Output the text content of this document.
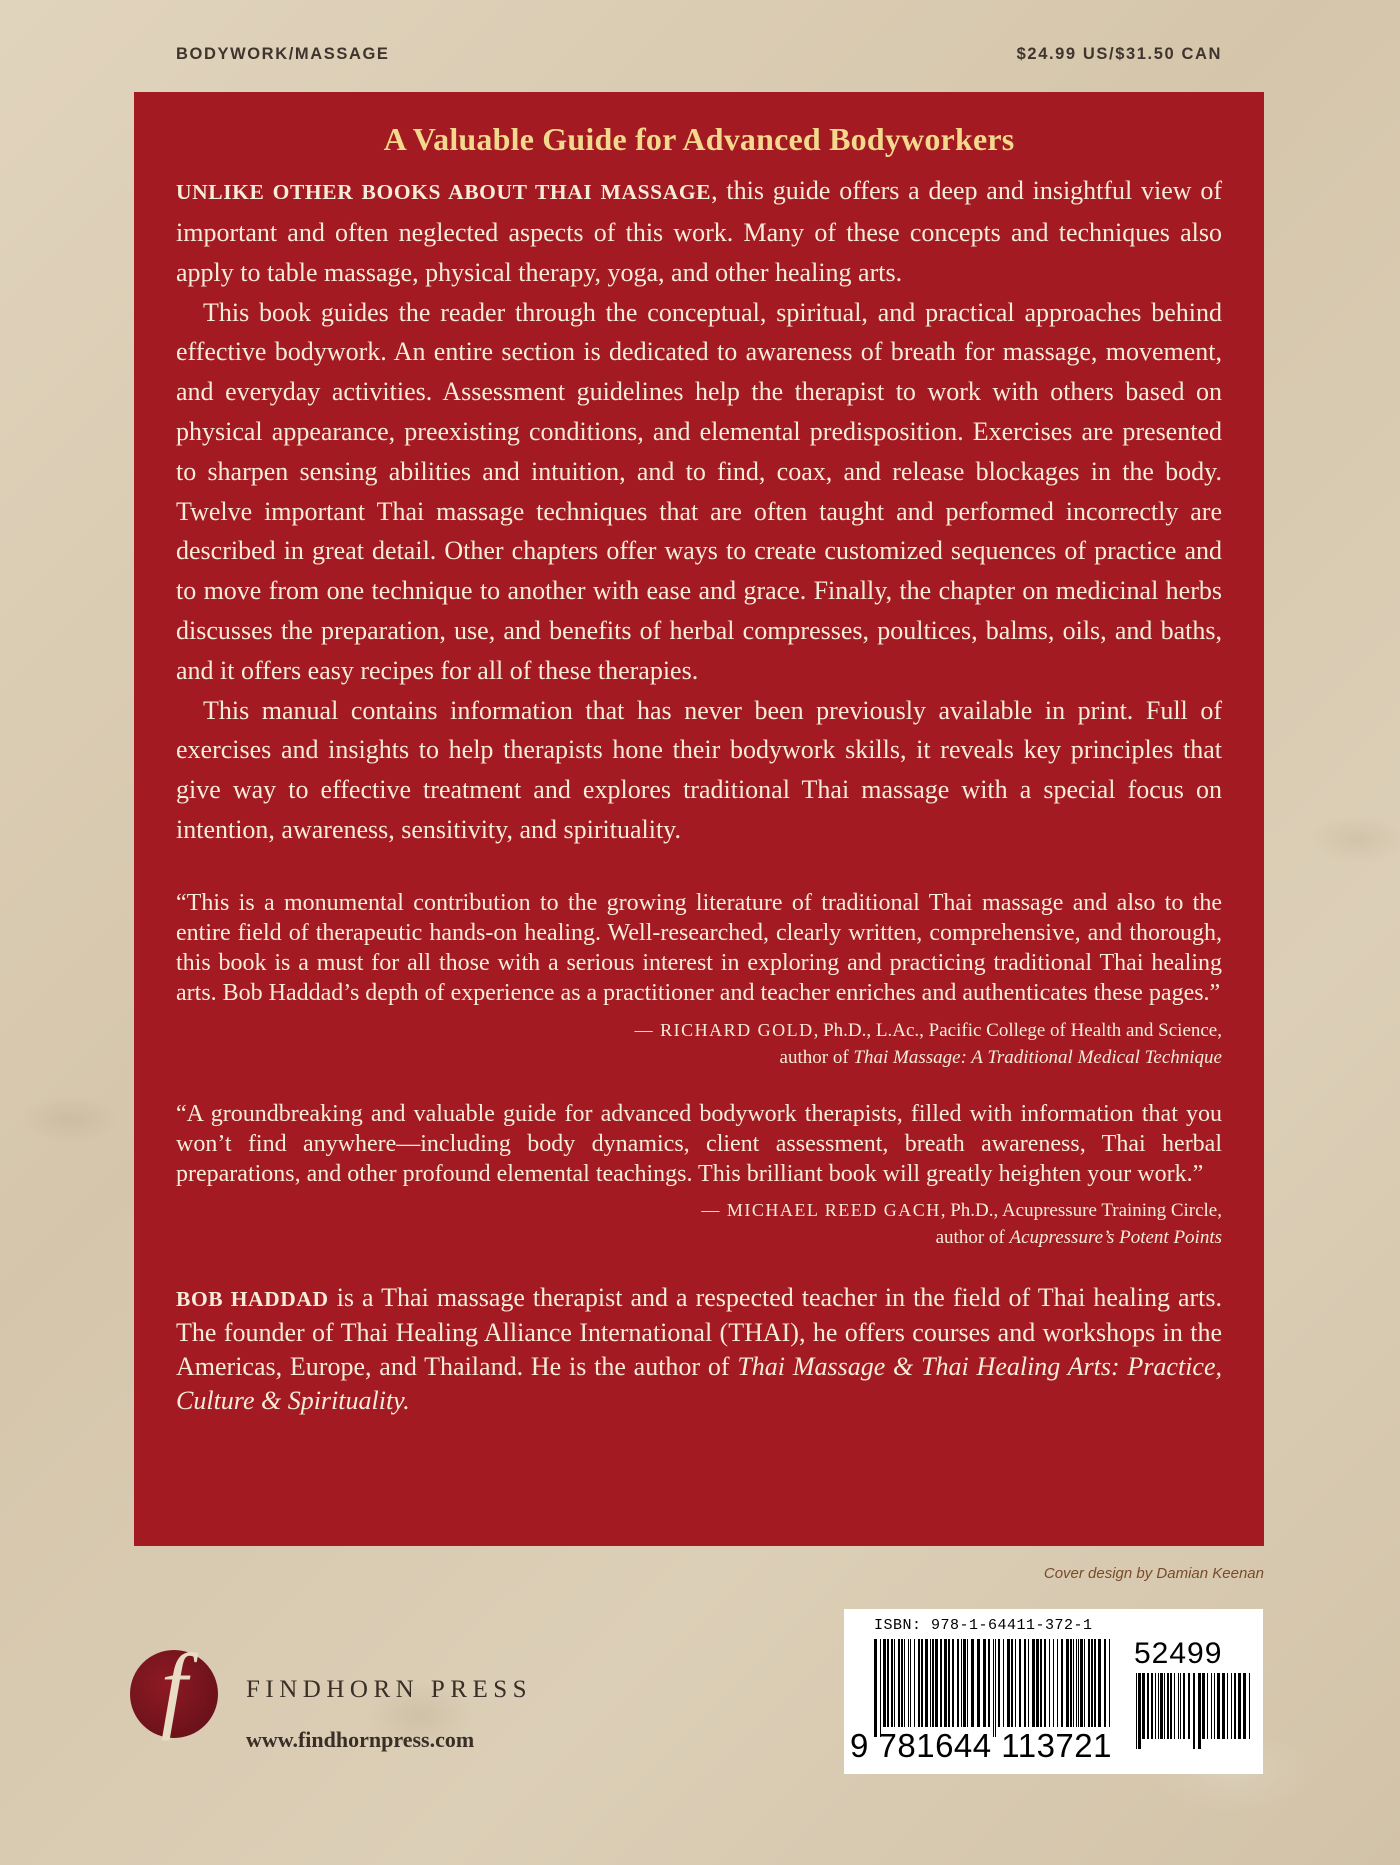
BODYWORK/MASSAGE	$24.99 US/$31.50 CAN
A Valuable Guide for Advanced Bodyworkers

UNLIKE OTHER BOOKS ABOUT THAI MASSAGE, this guide offers a deep and insightful view of important and often neglected aspects of this work. Many of these concepts and techniques also apply to table massage, physical therapy, yoga, and other healing arts.

This book guides the reader through the conceptual, spiritual, and practical approaches behind effective bodywork. An entire section is dedicated to awareness of breath for massage, movement, and everyday activities. Assessment guidelines help the therapist to work with others based on physical appearance, preexisting conditions, and elemental predisposition. Exercises are presented to sharpen sensing abilities and intuition, and to find, coax, and release blockages in the body. Twelve important Thai massage techniques that are often taught and performed incorrectly are described in great detail. Other chapters offer ways to create customized sequences of practice and to move from one technique to another with ease and grace. Finally, the chapter on medicinal herbs discusses the preparation, use, and benefits of herbal compresses, poultices, balms, oils, and baths, and it offers easy recipes for all of these therapies.

This manual contains information that has never been previously available in print. Full of exercises and insights to help therapists hone their bodywork skills, it reveals key principles that give way to effective treatment and explores traditional Thai massage with a special focus on intention, awareness, sensitivity, and spirituality.

“This is a monumental contribution to the growing literature of traditional Thai massage and also to the entire field of therapeutic hands-on healing. Well-researched, clearly written, comprehensive, and thorough, this book is a must for all those with a serious interest in exploring and practicing traditional Thai healing arts. Bob Haddad’s depth of experience as a practitioner and teacher enriches and authenticates these pages.”

— RICHARD GOLD, Ph.D., L.Ac., Pacific College of Health and Science,
author of Thai Massage: A Traditional Medical Technique

“A groundbreaking and valuable guide for advanced bodywork therapists, filled with information that you won’t find anywhere—including body dynamics, client assessment, breath awareness, Thai herbal preparations, and other profound elemental teachings. This brilliant book will greatly heighten your work.”

— MICHAEL REED GACH, Ph.D., Acupressure Training Circle,
author of Acupressure’s Potent Points

BOB HADDAD is a Thai massage therapist and a respected teacher in the field of Thai healing arts. The founder of Thai Healing Alliance International (THAI), he offers courses and workshops in the Americas, Europe, and Thailand. He is the author of Thai Massage & Thai Healing Arts: Practice, Culture & Spirituality.

Cover design by Damian Keenan
f	FINDHORN PRESS
www.findhornpress.com
ISBN: 978-1-64411-372-1
52499
9 781644 113721
